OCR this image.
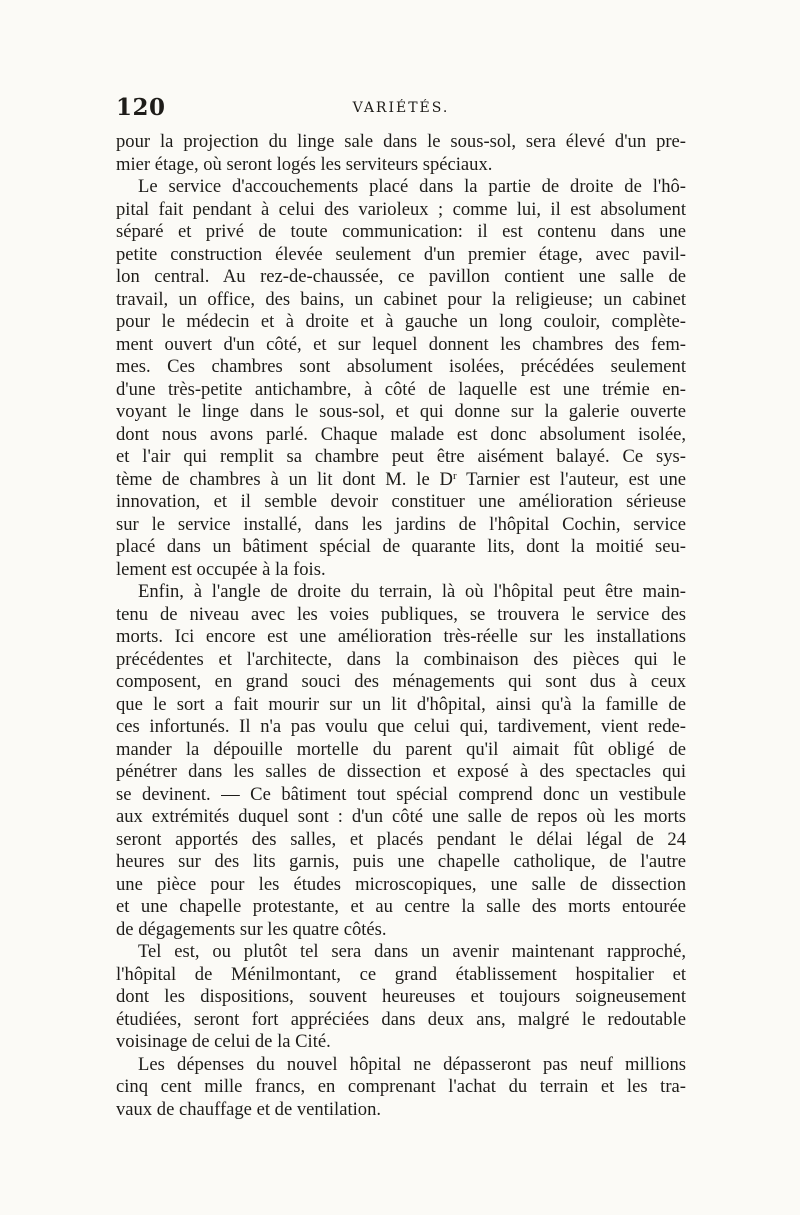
120	VARIÉTÉS.
pour la projection du linge sale dans le sous-sol, sera élevé d'un pre-
mier étage, où seront logés les serviteurs spéciaux.
Le service d'accouchements placé dans la partie de droite de l'hô-
pital fait pendant à celui des varioleux ; comme lui, il est absolument
séparé et privé de toute communication: il est contenu dans une
petite construction élevée seulement d'un premier étage, avec pavil-
lon central. Au rez-de-chaussée, ce pavillon contient une salle de
travail, un office, des bains, un cabinet pour la religieuse; un cabinet
pour le médecin et à droite et à gauche un long couloir, complète-
ment ouvert d'un côté, et sur lequel donnent les chambres des fem-
mes. Ces chambres sont absolument isolées, précédées seulement
d'une très-petite antichambre, à côté de laquelle est une trémie en-
voyant le linge dans le sous-sol, et qui donne sur la galerie ouverte
dont nous avons parlé. Chaque malade est donc absolument isolée,
et l'air qui remplit sa chambre peut être aisément balayé. Ce sys-
tème de chambres à un lit dont M. le $D^r$ Tarnier est l'auteur, est une
innovation, et il semble devoir constituer une amélioration sérieuse
sur le service installé, dans les jardins de l'hôpital Cochin, service
placé dans un bâtiment spécial de quarante lits, dont la moitié seu-
lement est occupée à la fois.
Enfin, à l'angle de droite du terrain, là où l'hôpital peut être main-
tenu de niveau avec les voies publiques, se trouvera le service des
morts. Ici encore est une amélioration très-réelle sur les installations
précédentes et l'architecte, dans la combinaison des pièces qui le
composent, en grand souci des ménagements qui sont dus à ceux
que le sort a fait mourir sur un lit d'hôpital, ainsi qu'à la famille de
ces infortunés. Il n'a pas voulu que celui qui, tardivement, vient rede-
mander la dépouille mortelle du parent qu'il aimait fût obligé de
pénétrer dans les salles de dissection et exposé à des spectacles qui
se devinent. — Ce bâtiment tout spécial comprend donc un vestibule
aux extrémités duquel sont : d'un côté une salle de repos où les morts
seront apportés des salles, et placés pendant le délai légal de 24
heures sur des lits garnis, puis une chapelle catholique, de l'autre
une pièce pour les études microscopiques, une salle de dissection
et une chapelle protestante, et au centre la salle des morts entourée
de dégagements sur les quatre côtés.
Tel est, ou plutôt tel sera dans un avenir maintenant rapproché,
l'hôpital de Ménilmontant, ce grand établissement hospitalier et
dont les dispositions, souvent heureuses et toujours soigneusement
étudiées, seront fort appréciées dans deux ans, malgré le redoutable
voisinage de celui de la Cité.
Les dépenses du nouvel hôpital ne dépasseront pas neuf millions
cinq cent mille francs, en comprenant l'achat du terrain et les tra-
vaux de chauffage et de ventilation.
